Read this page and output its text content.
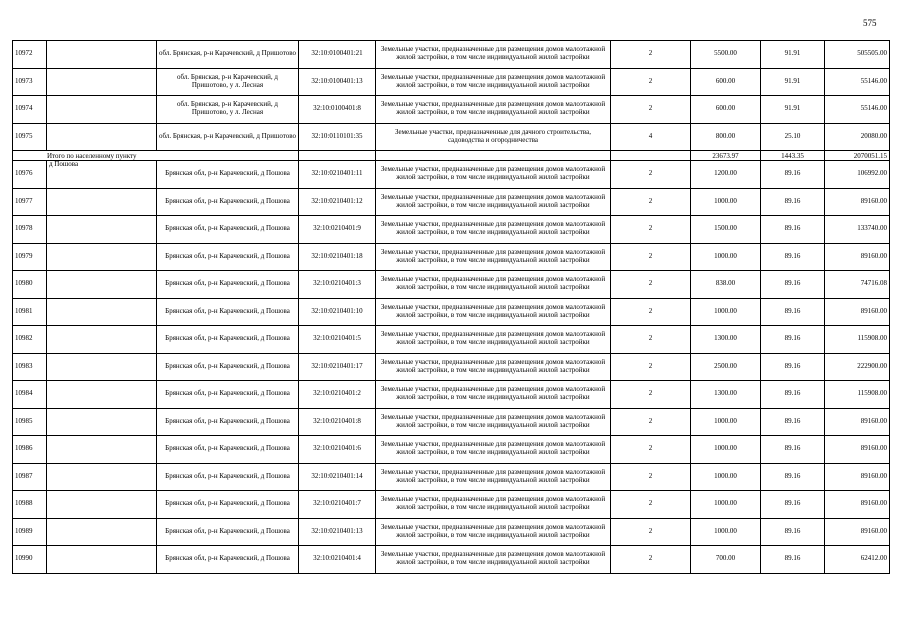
575
10972		обл. Брянская, р-н Карачевский, д Пришотово	32:10:0100401:21	Земельные участки, предназначенные для размещения домов малоэтажной жилой застройки, в том числе индивидуальной жилой застройки	2	5500.00	91.91	505505.00
10973		обл. Брянская, р-н Карачевский, д Пришотово, у л. Лесная	32:10:0100401:13	Земельные участки, предназначенные для размещения домов малоэтажной жилой застройки, в том числе индивидуальной жилой застройки	2	600.00	91.91	55146.00
10974		обл. Брянская, р-н Карачевский, д Пришотово, у л. Лесная	32:10:0100401:8	Земельные участки, предназначенные для размещения домов малоэтажной жилой застройки, в том числе индивидуальной жилой застройки	2	600.00	91.91	55146.00
10975		обл. Брянская, р-н Карачевский, д Пришотово	32:10:0110101:35	Земельные участки, предназначенные для дачного строительства, садоводства и огородничества	4	800.00	25.10	20080.00
Итого по населенному пункту						23673.97	1443.35	2070051.15
10976	д Пошова	Брянская обл, р-н Карачевский, д Пошова	32:10:0210401:11	Земельные участки, предназначенные для размещения домов малоэтажной жилой застройки, в том числе индивидуальной жилой застройки	2	1200.00	89.16	106992.00
10977		Брянская обл, р-н Карачевский, д Пошова	32:10:0210401:12	Земельные участки, предназначенные для размещения домов малоэтажной жилой застройки, в том числе индивидуальной жилой застройки	2	1000.00	89.16	89160.00
10978		Брянская обл, р-н Карачевский, д Пошова	32:10:0210401:9	Земельные участки, предназначенные для размещения домов малоэтажной жилой застройки, в том числе индивидуальной жилой застройки	2	1500.00	89.16	133740.00
10979		Брянская обл, р-н Карачевский, д Пошова	32:10:0210401:18	Земельные участки, предназначенные для размещения домов малоэтажной жилой застройки, в том числе индивидуальной жилой застройки	2	1000.00	89.16	89160.00
10980		Брянская обл, р-н Карачевский, д Пошова	32:10:0210401:3	Земельные участки, предназначенные для размещения домов малоэтажной жилой застройки, в том числе индивидуальной жилой застройки	2	838.00	89.16	74716.08
10981		Брянская обл, р-н Карачевский, д Пошова	32:10:0210401:10	Земельные участки, предназначенные для размещения домов малоэтажной жилой застройки, в том числе индивидуальной жилой застройки	2	1000.00	89.16	89160.00
10982		Брянская обл, р-н Карачевский, д Пошова	32:10:0210401:5	Земельные участки, предназначенные для размещения домов малоэтажной жилой застройки, в том числе индивидуальной жилой застройки	2	1300.00	89.16	115908.00
10983		Брянская обл, р-н Карачевский, д Пошова	32:10:0210401:17	Земельные участки, предназначенные для размещения домов малоэтажной жилой застройки, в том числе индивидуальной жилой застройки	2	2500.00	89.16	222900.00
10984		Брянская обл, р-н Карачевский, д Пошова	32:10:0210401:2	Земельные участки, предназначенные для размещения домов малоэтажной жилой застройки, в том числе индивидуальной жилой застройки	2	1300.00	89.16	115908.00
10985		Брянская обл, р-н Карачевский, д Пошова	32:10:0210401:8	Земельные участки, предназначенные для размещения домов малоэтажной жилой застройки, в том числе индивидуальной жилой застройки	2	1000.00	89.16	89160.00
10986		Брянская обл, р-н Карачевский, д Пошова	32:10:0210401:6	Земельные участки, предназначенные для размещения домов малоэтажной жилой застройки, в том числе индивидуальной жилой застройки	2	1000.00	89.16	89160.00
10987		Брянская обл, р-н Карачевский, д Пошова	32:10:0210401:14	Земельные участки, предназначенные для размещения домов малоэтажной жилой застройки, в том числе индивидуальной жилой застройки	2	1000.00	89.16	89160.00
10988		Брянская обл, р-н Карачевский, д Пошова	32:10:0210401:7	Земельные участки, предназначенные для размещения домов малоэтажной жилой застройки, в том числе индивидуальной жилой застройки	2	1000.00	89.16	89160.00
10989		Брянская обл, р-н Карачевский, д Пошова	32:10:0210401:13	Земельные участки, предназначенные для размещения домов малоэтажной жилой застройки, в том числе индивидуальной жилой застройки	2	1000.00	89.16	89160.00
10990		Брянская обл, р-н Карачевский, д Пошова	32:10:0210401:4	Земельные участки, предназначенные для размещения домов малоэтажной жилой застройки, в том числе индивидуальной жилой застройки	2	700.00	89.16	62412.00
